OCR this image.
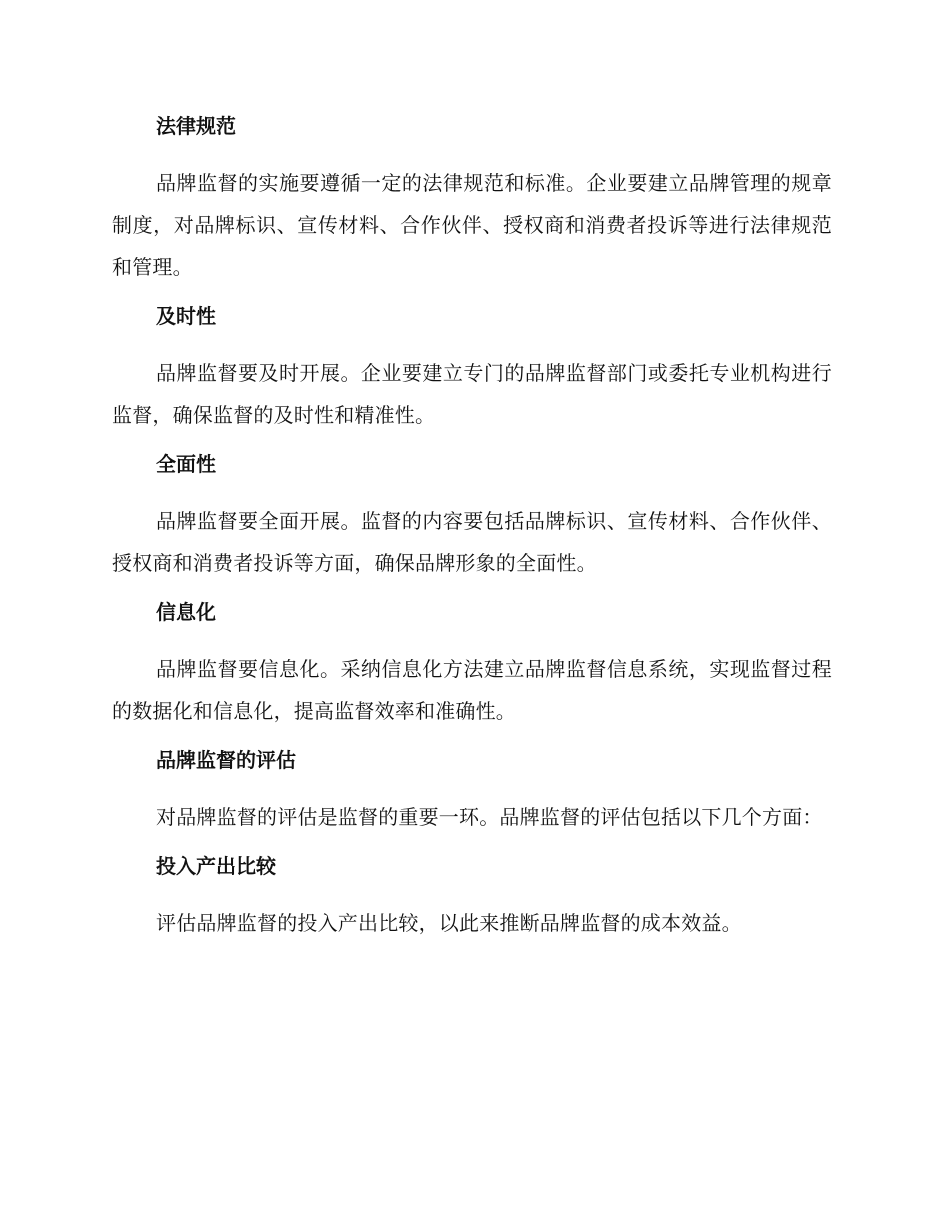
法律规范

品牌监督的实施要遵循一定的法律规范和标准。企业要建立品牌管理的规章制度，对品牌标识、宣传材料、合作伙伴、授权商和消费者投诉等进行法律规范和管理。

及时性

品牌监督要及时开展。企业要建立专门的品牌监督部门或委托专业机构进行监督，确保监督的及时性和精准性。

全面性

品牌监督要全面开展。监督的内容要包括品牌标识、宣传材料、合作伙伴、授权商和消费者投诉等方面，确保品牌形象的全面性。

信息化

品牌监督要信息化。采纳信息化方法建立品牌监督信息系统，实现监督过程的数据化和信息化，提高监督效率和准确性。

品牌监督的评估

对品牌监督的评估是监督的重要一环。品牌监督的评估包括以下几个方面：

投入产出比较

评估品牌监督的投入产出比较，以此来推断品牌监督的成本效益。
